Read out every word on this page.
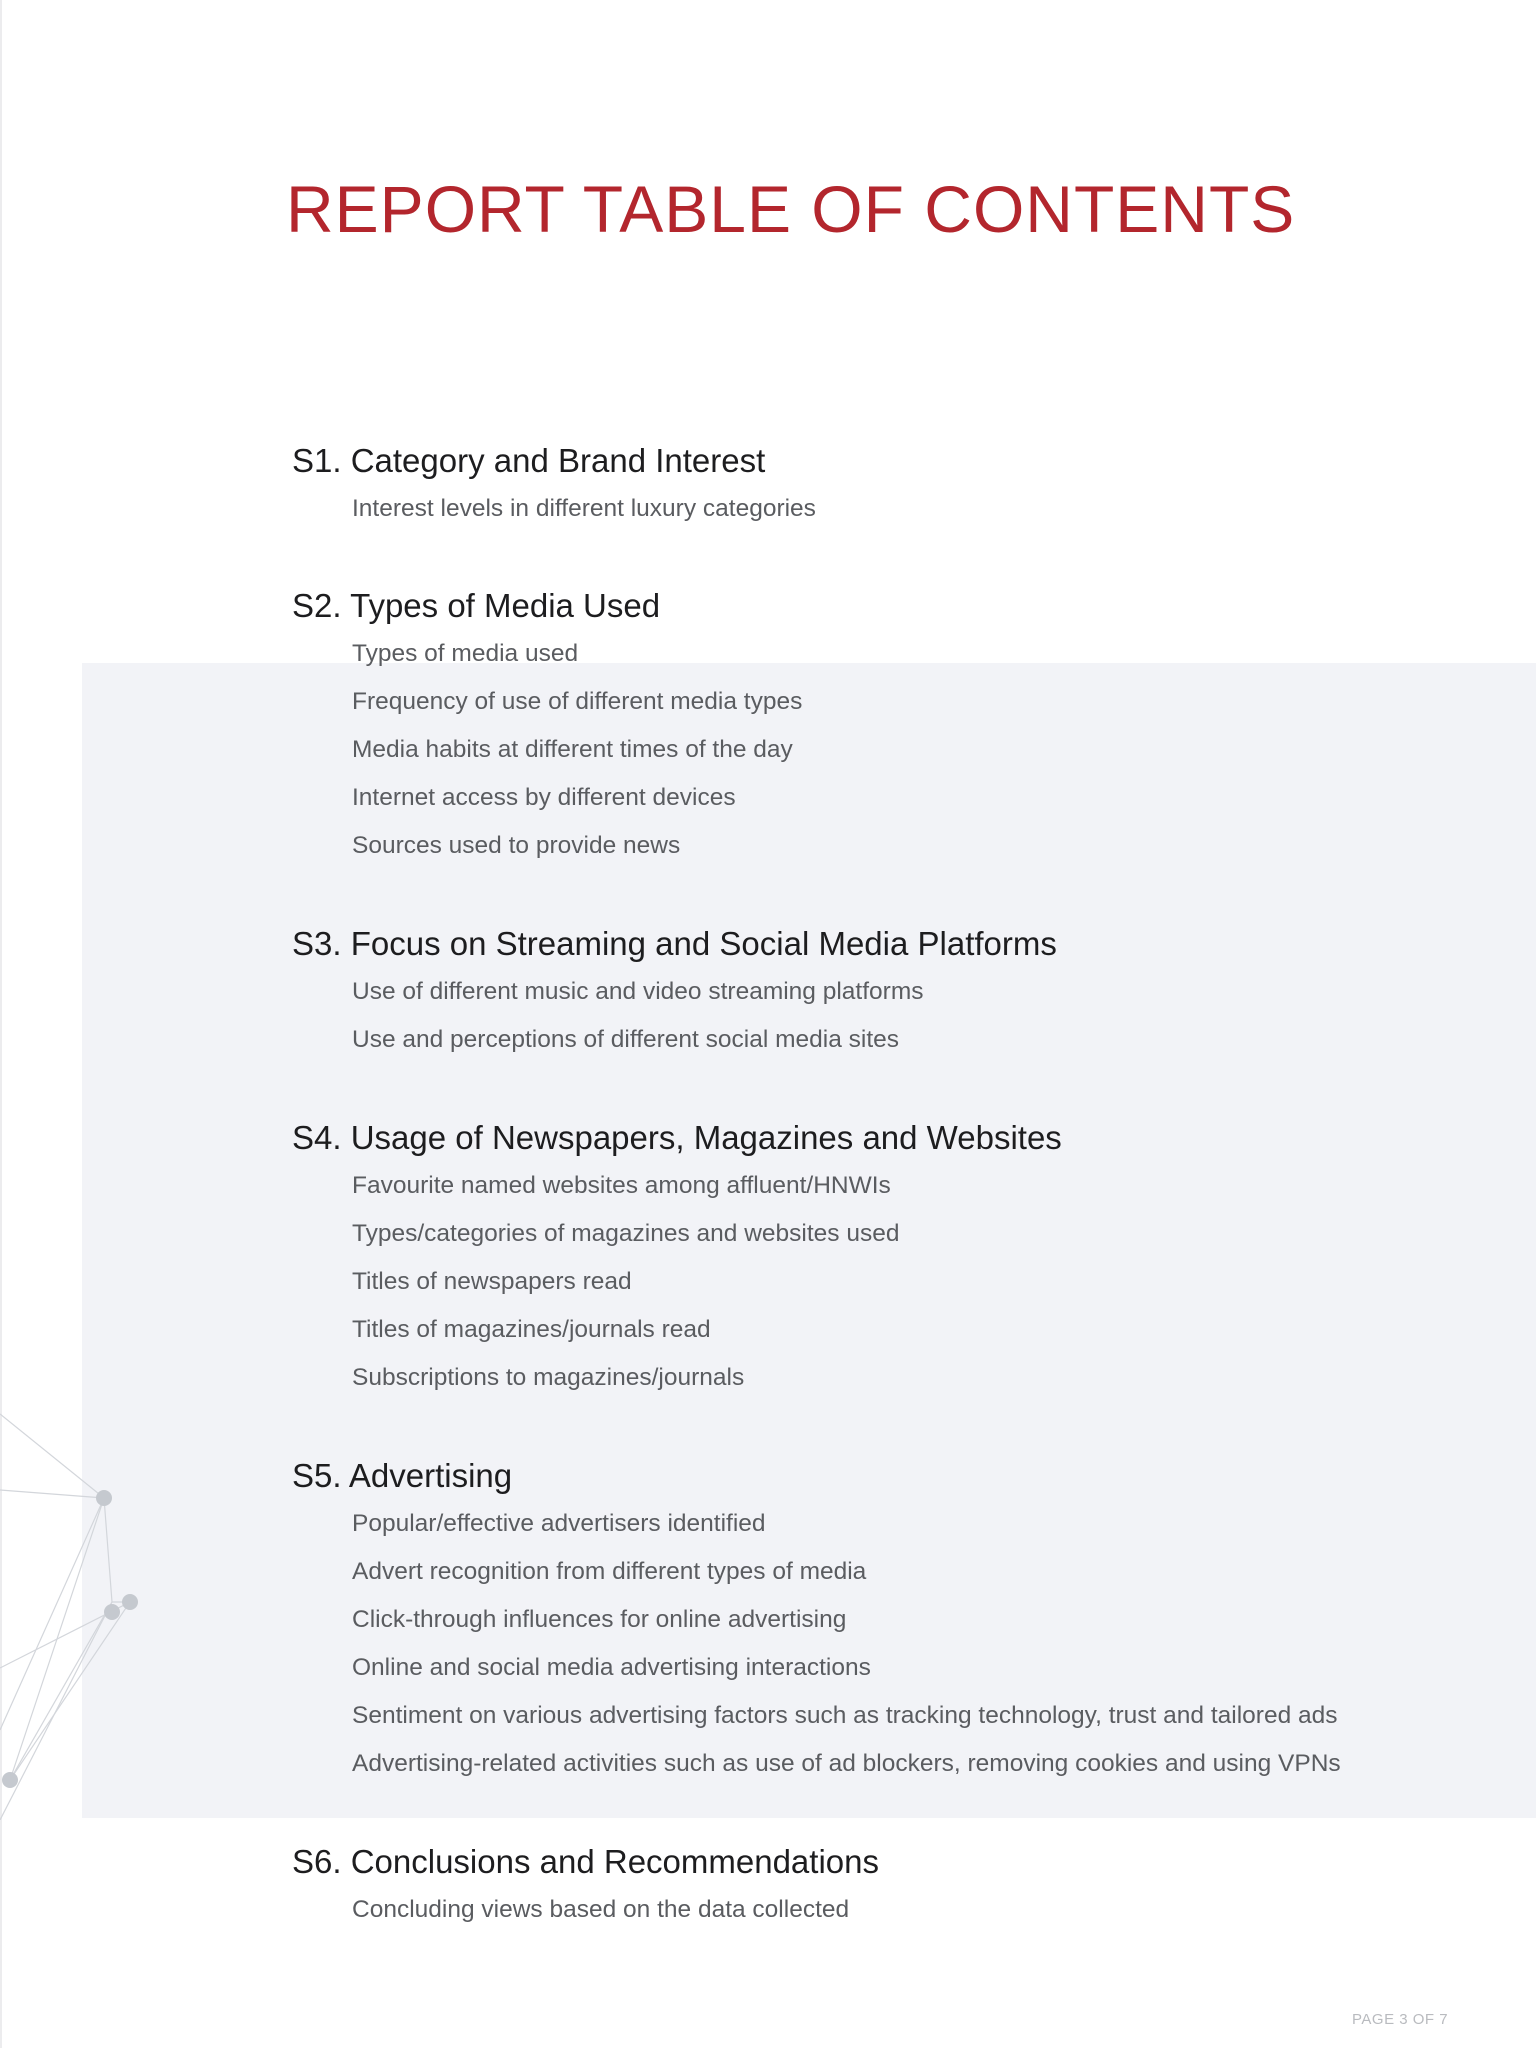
REPORT TABLE OF CONTENTS
S1. Category and Brand Interest
Interest levels in different luxury categories
S2. Types of Media Used
Types of media used
Frequency of use of different media types
Media habits at different times of the day
Internet access by different devices
Sources used to provide news
S3. Focus on Streaming and Social Media Platforms
Use of different music and video streaming platforms
Use and perceptions of different social media sites
S4. Usage of Newspapers, Magazines and Websites
Favourite named websites among affluent/HNWIs
Types/categories of magazines and websites used
Titles of newspapers read
Titles of magazines/journals read
Subscriptions to magazines/journals
S5. Advertising
Popular/effective advertisers identified
Advert recognition from different types of media
Click-through influences for online advertising
Online and social media advertising interactions
Sentiment on various advertising factors such as tracking technology, trust and tailored ads
Advertising-related activities such as use of ad blockers, removing cookies and using VPNs
S6. Conclusions and Recommendations
Concluding views based on the data collected
PAGE 3 OF 7
